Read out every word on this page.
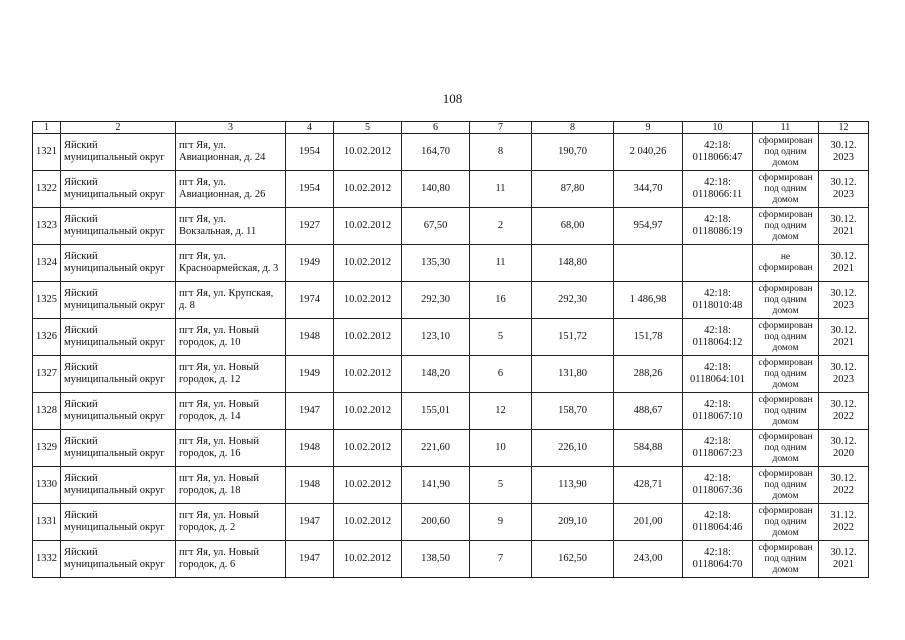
108
1	2	3	4	5	6	7	8	9	10	11	12
1321	Яйский муниципальный округ	пгт Яя, ул. Авиационная, д. 24	1954	10.02.2012	164,70	8	190,70	2 040,26	42:18: 0118066:47	сформирован под одним домом	30.12. 2023
1322	Яйский муниципальный округ	пгт Яя, ул. Авиационная, д. 26	1954	10.02.2012	140,80	11	87,80	344,70	42:18: 0118066:11	сформирован под одним домом	30.12. 2023
1323	Яйский муниципальный округ	пгт Яя, ул. Вокзальная, д. 11	1927	10.02.2012	67,50	2	68,00	954,97	42:18: 0118086:19	сформирован под одним домом	30.12. 2021
1324	Яйский муниципальный округ	пгт Яя, ул. Красноармейская, д. 3	1949	10.02.2012	135,30	11	148,80			не сформирован	30.12. 2021
1325	Яйский муниципальный округ	пгт Яя, ул. Крупская, д. 8	1974	10.02.2012	292,30	16	292,30	1 486,98	42:18: 0118010:48	сформирован под одним домом	30.12. 2023
1326	Яйский муниципальный округ	пгт Яя, ул. Новый городок, д. 10	1948	10.02.2012	123,10	5	151,72	151,78	42:18: 0118064:12	сформирован под одним домом	30.12. 2021
1327	Яйский муниципальный округ	пгт Яя, ул. Новый городок, д. 12	1949	10.02.2012	148,20	6	131,80	288,26	42:18: 0118064:101	сформирован под одним домом	30.12. 2023
1328	Яйский муниципальный округ	пгт Яя, ул. Новый городок, д. 14	1947	10.02.2012	155,01	12	158,70	488,67	42:18: 0118067:10	сформирован под одним домом	30.12. 2022
1329	Яйский муниципальный округ	пгт Яя, ул. Новый городок, д. 16	1948	10.02.2012	221,60	10	226,10	584,88	42:18: 0118067:23	сформирован под одним домом	30.12. 2020
1330	Яйский муниципальный округ	пгт Яя, ул. Новый городок, д. 18	1948	10.02.2012	141,90	5	113,90	428,71	42:18: 0118067:36	сформирован под одним домом	30.12. 2022
1331	Яйский муниципальный округ	пгт Яя, ул. Новый городок, д. 2	1947	10.02.2012	200,60	9	209,10	201,00	42:18: 0118064:46	сформирован под одним домом	31.12. 2022
1332	Яйский муниципальный округ	пгт Яя, ул. Новый городок, д. 6	1947	10.02.2012	138,50	7	162,50	243,00	42:18: 0118064:70	сформирован под одним домом	30.12. 2021
